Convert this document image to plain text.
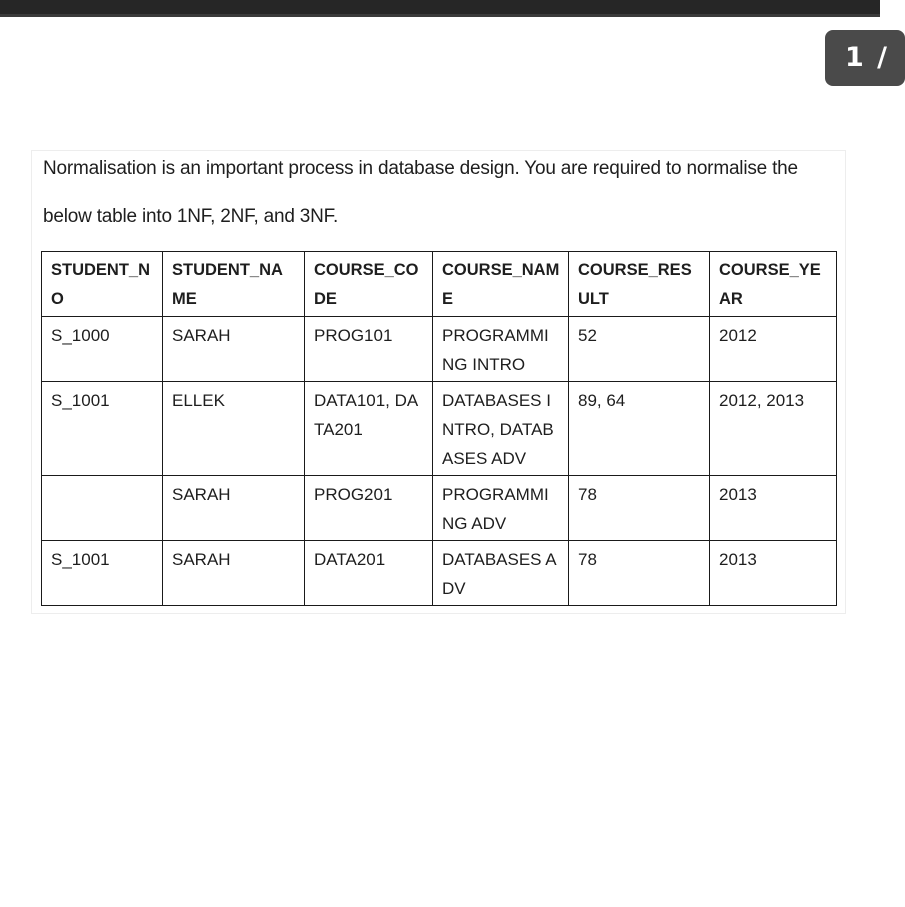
1 /
Normalisation is an important process in database design. You are required to normalise the
below table into 1NF, 2NF, and 3NF.
STUDENT_NO	STUDENT_NAME	COURSE_CODE	COURSE_NAME	COURSE_RESULT	COURSE_YEAR
S_1000	SARAH	PROG101	PROGRAMMING INTRO	52	2012
S_1001	ELLEK	DATA101, DATA201	DATABASES INTRO, DATABASES ADV	89, 64	2012, 2013
	SARAH	PROG201	PROGRAMMING ADV	78	2013
S_1001	SARAH	DATA201	DATABASES ADV	78	2013
